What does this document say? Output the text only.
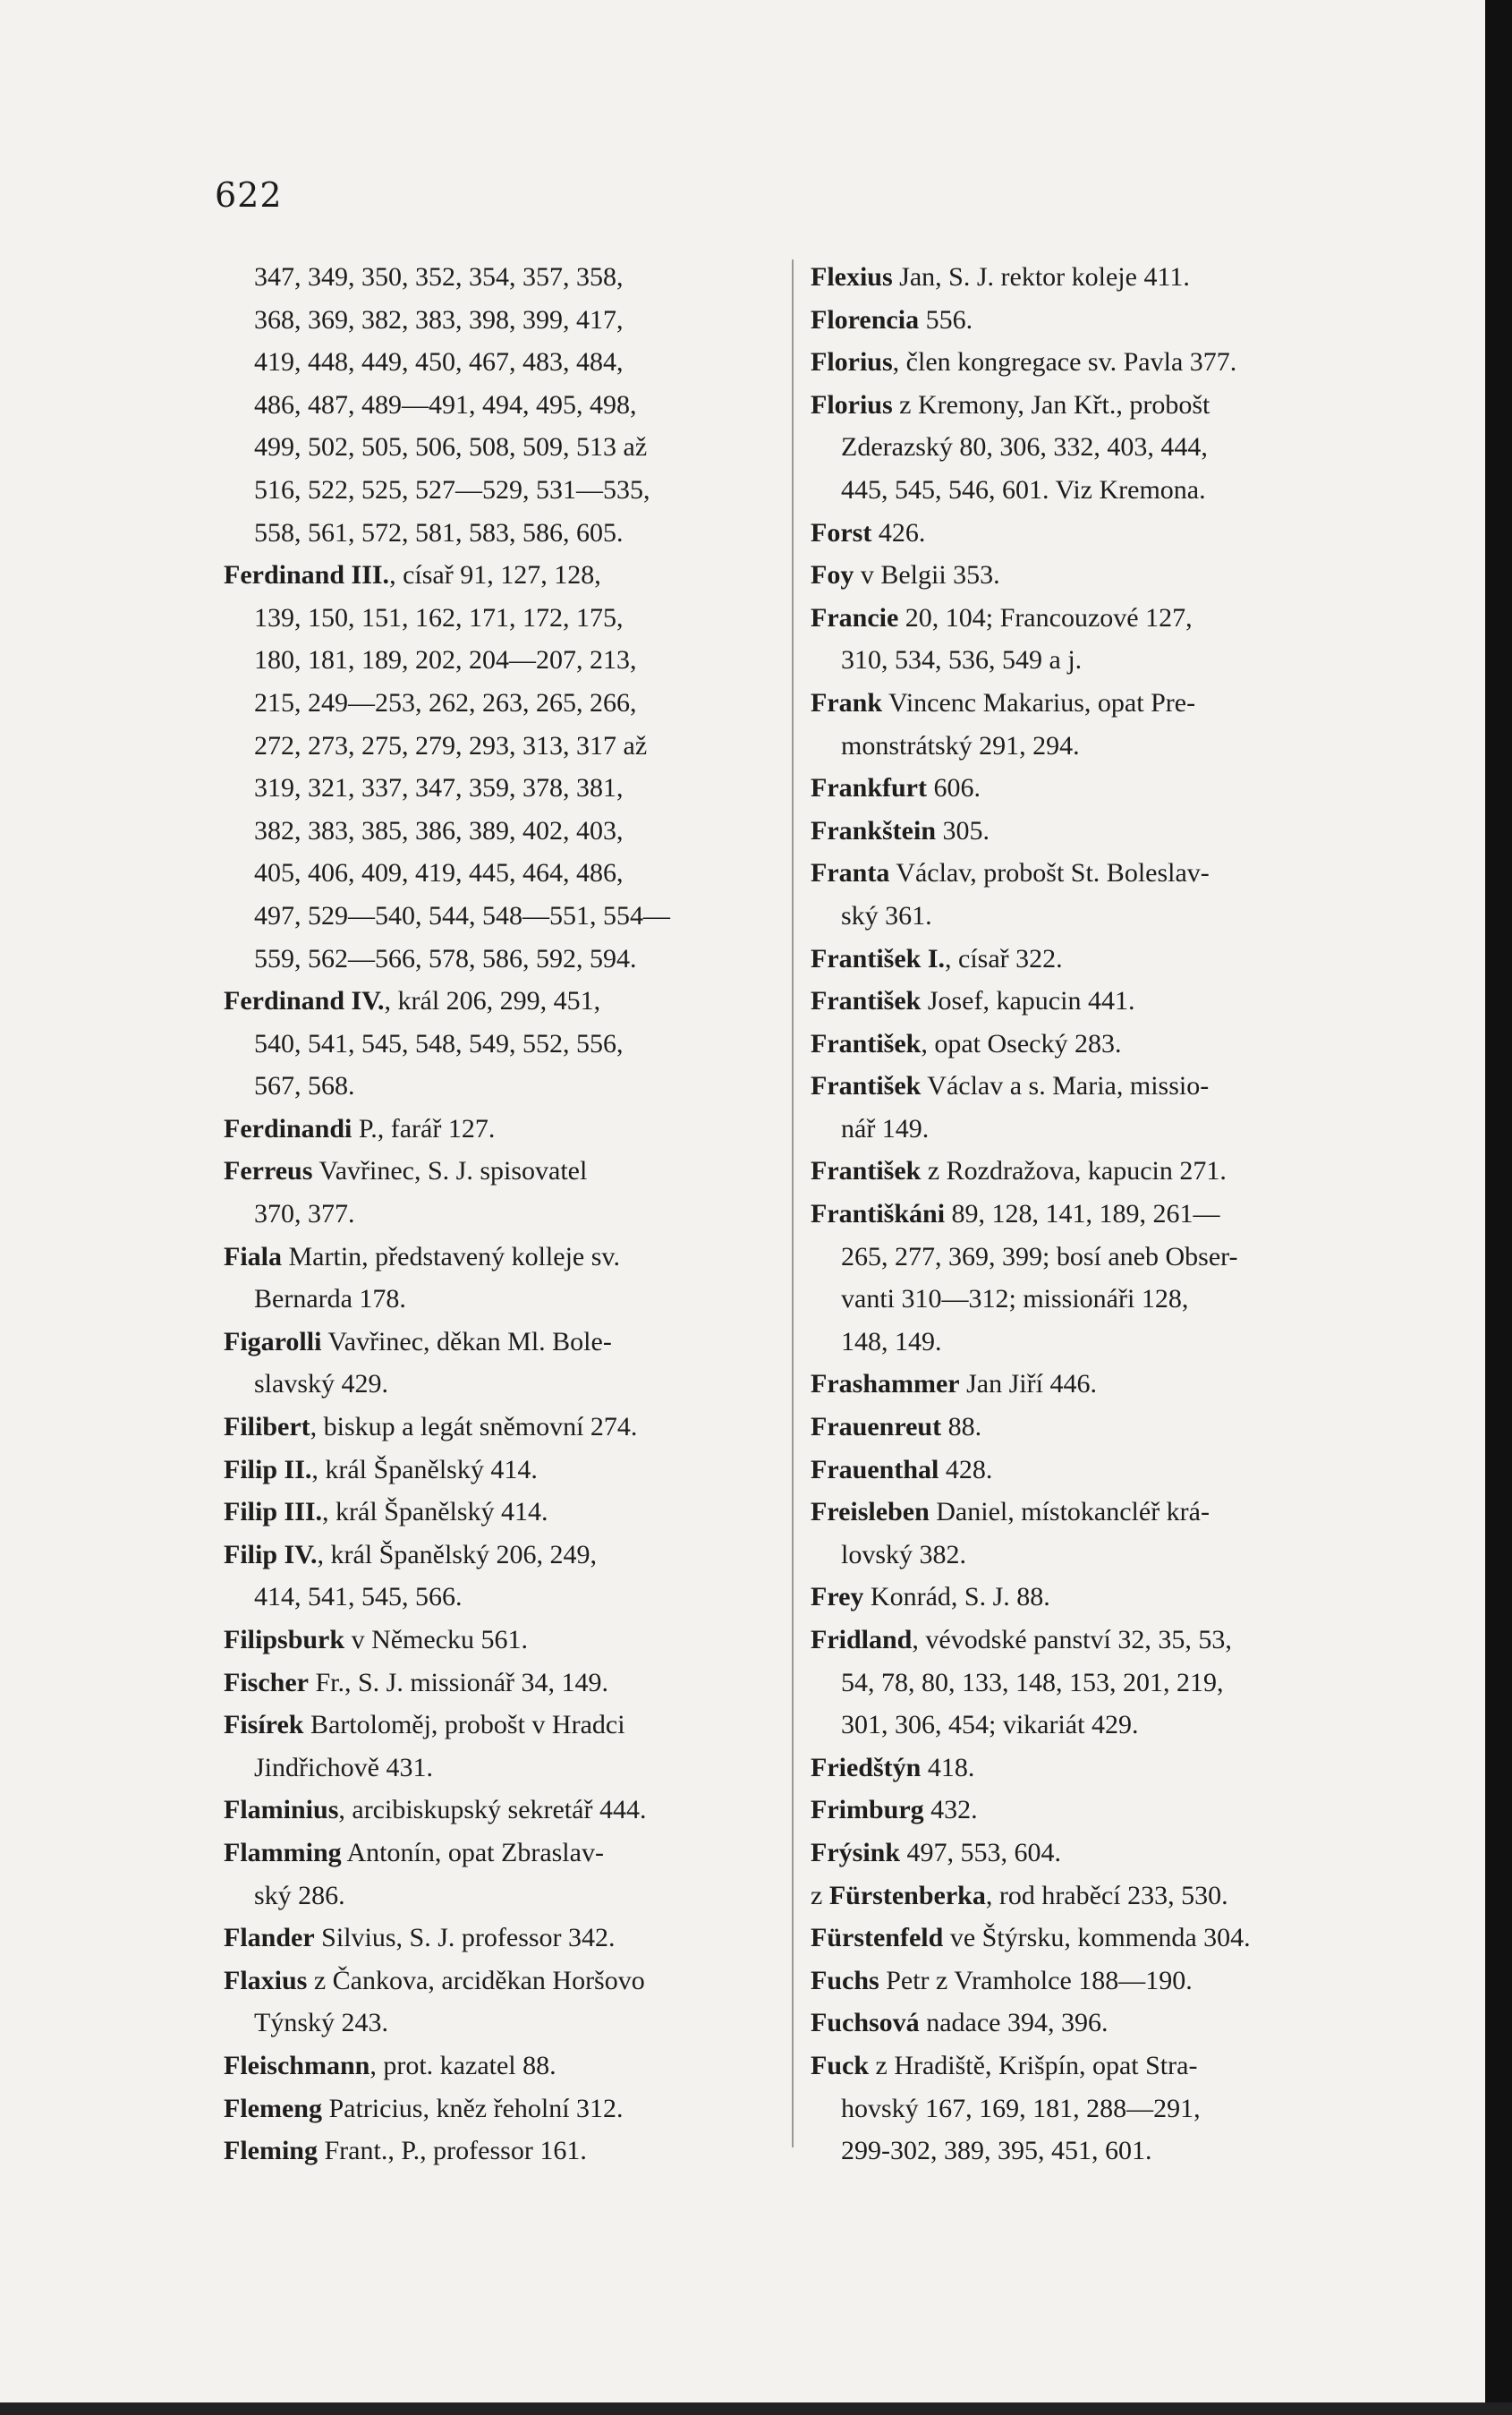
622
347, 349, 350, 352, 354, 357, 358,
368, 369, 382, 383, 398, 399, 417,
419, 448, 449, 450, 467, 483, 484,
486, 487, 489—491, 494, 495, 498,
499, 502, 505, 506, 508, 509, 513 až
516, 522, 525, 527—529, 531—535,
558, 561, 572, 581, 583, 586, 605.
Ferdinand III., císař 91, 127, 128,
139, 150, 151, 162, 171, 172, 175,
180, 181, 189, 202, 204—207, 213,
215, 249—253, 262, 263, 265, 266,
272, 273, 275, 279, 293, 313, 317 až
319, 321, 337, 347, 359, 378, 381,
382, 383, 385, 386, 389, 402, 403,
405, 406, 409, 419, 445, 464, 486,
497, 529—540, 544, 548—551, 554—
559, 562—566, 578, 586, 592, 594.
Ferdinand IV., král 206, 299, 451,
540, 541, 545, 548, 549, 552, 556,
567, 568.
Ferdinandi P., farář 127.
Ferreus Vavřinec, S. J. spisovatel
370, 377.
Fiala Martin, představený kolleje sv.
Bernarda 178.
Figarolli Vavřinec, děkan Ml. Bole-
slavský 429.
Filibert, biskup a legát sněmovní 274.
Filip II., král Španělský 414.
Filip III., král Španělský 414.
Filip IV., král Španělský 206, 249,
414, 541, 545, 566.
Filipsburk v Německu 561.
Fischer Fr., S. J. missionář 34, 149.
Fisírek Bartoloměj, probošt v Hradci
Jindřichově 431.
Flaminius, arcibiskupský sekretář 444.
Flamming Antonín, opat Zbraslav-
ský 286.
Flander Silvius, S. J. professor 342.
Flaxius z Čankova, arciděkan Horšovo
Týnský 243.
Fleischmann, prot. kazatel 88.
Flemeng Patricius, kněz řeholní 312.
Fleming Frant., P., professor 161.
Flexius Jan, S. J. rektor koleje 411.
Florencia 556.
Florius, člen kongregace sv. Pavla 377.
Florius z Kremony, Jan Křt., probošt
Zderazský 80, 306, 332, 403, 444,
445, 545, 546, 601. Viz Kremona.
Forst 426.
Foy v Belgii 353.
Francie 20, 104; Francouzové 127,
310, 534, 536, 549 a j.
Frank Vincenc Makarius, opat Pre-
monstrátský 291, 294.
Frankfurt 606.
Frankštein 305.
Franta Václav, probošt St. Boleslav-
ský 361.
František I., císař 322.
František Josef, kapucin 441.
František, opat Osecký 283.
František Václav a s. Maria, missio-
nář 149.
František z Rozdražova, kapucin 271.
Františkáni 89, 128, 141, 189, 261—
265, 277, 369, 399; bosí aneb Obser-
vanti 310—312; missionáři 128,
148, 149.
Frashammer Jan Jiří 446.
Frauenreut 88.
Frauenthal 428.
Freisleben Daniel, místokancléř krá-
lovský 382.
Frey Konrád, S. J. 88.
Fridland, vévodské panství 32, 35, 53,
54, 78, 80, 133, 148, 153, 201, 219,
301, 306, 454; vikariát 429.
Friedštýn 418.
Frimburg 432.
Frýsink 497, 553, 604.
z Fürstenberka, rod hraběcí 233, 530.
Fürstenfeld ve Štýrsku, kommenda 304.
Fuchs Petr z Vramholce 188—190.
Fuchsová nadace 394, 396.
Fuck z Hradiště, Krišpín, opat Stra-
hovský 167, 169, 181, 288—291,
299-302, 389, 395, 451, 601.
